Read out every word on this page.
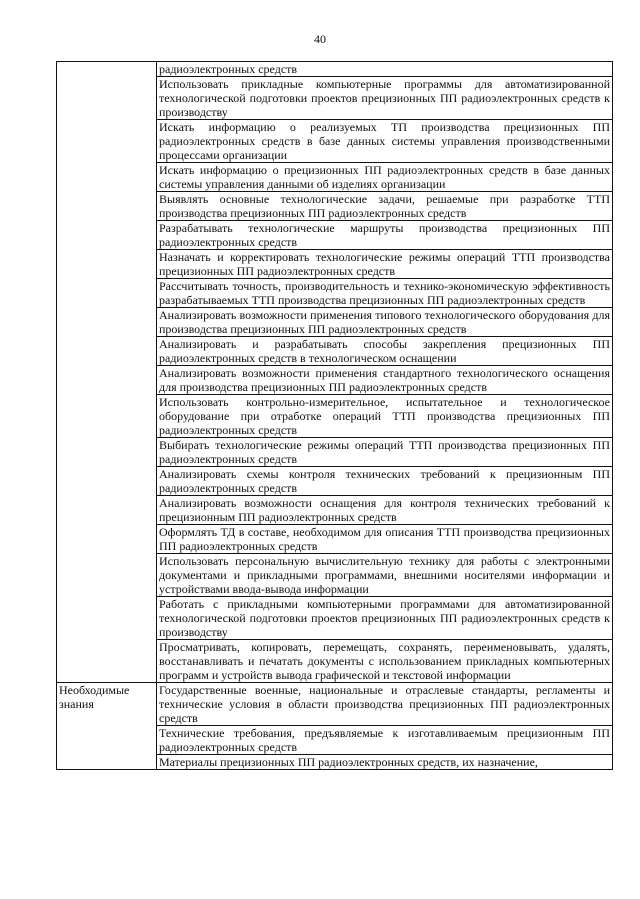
40
	радиоэлектронных средств
	Использовать прикладные компьютерные программы для автоматизированной технологической подготовки проектов прецизионных ПП радиоэлектронных средств к производству
	Искать информацию о реализуемых ТП производства прецизионных ПП радиоэлектронных средств в базе данных системы управления производственными процессами организации
	Искать информацию о прецизионных ПП радиоэлектронных средств в базе данных системы управления данными об изделиях организации
	Выявлять основные технологические задачи, решаемые при разработке ТТП производства прецизионных ПП радиоэлектронных средств
	Разрабатывать технологические маршруты производства прецизионных ПП радиоэлектронных средств
	Назначать и корректировать технологические режимы операций ТТП производства прецизионных ПП радиоэлектронных средств
	Рассчитывать точность, производительность и технико-экономическую эффективность разрабатываемых ТТП производства прецизионных ПП радиоэлектронных средств
	Анализировать возможности применения типового технологического оборудования для производства прецизионных ПП радиоэлектронных средств
	Анализировать и разрабатывать способы закрепления прецизионных ПП радиоэлектронных средств в технологическом оснащении
	Анализировать возможности применения стандартного технологического оснащения для производства прецизионных ПП радиоэлектронных средств
	Использовать контрольно-измерительное, испытательное и технологическое оборудование при отработке операций ТТП производства прецизионных ПП радиоэлектронных средств
	Выбирать технологические режимы операций ТТП производства прецизионных ПП радиоэлектронных средств
	Анализировать схемы контроля технических требований к прецизионным ПП радиоэлектронных средств
	Анализировать возможности оснащения для контроля технических требований к прецизионным ПП радиоэлектронных средств
	Оформлять ТД в составе, необходимом для описания ТТП производства прецизионных ПП радиоэлектронных средств
	Использовать персональную вычислительную технику для работы с электронными документами и прикладными программами, внешними носителями информации и устройствами ввода-вывода информации
	Работать с прикладными компьютерными программами для автоматизированной технологической подготовки проектов прецизионных ПП радиоэлектронных средств к производству
	Просматривать, копировать, перемещать, сохранять, переименовывать, удалять, восстанавливать и печатать документы с использованием прикладных компьютерных программ и устройств вывода графической и текстовой информации
Необходимые знания	Государственные военные, национальные и отраслевые стандарты, регламенты и технические условия в области производства прецизионных ПП радиоэлектронных средств
	Технические требования, предъявляемые к изготавливаемым прецизионным ПП радиоэлектронных средств
	Материалы прецизионных ПП радиоэлектронных средств, их назначение,
